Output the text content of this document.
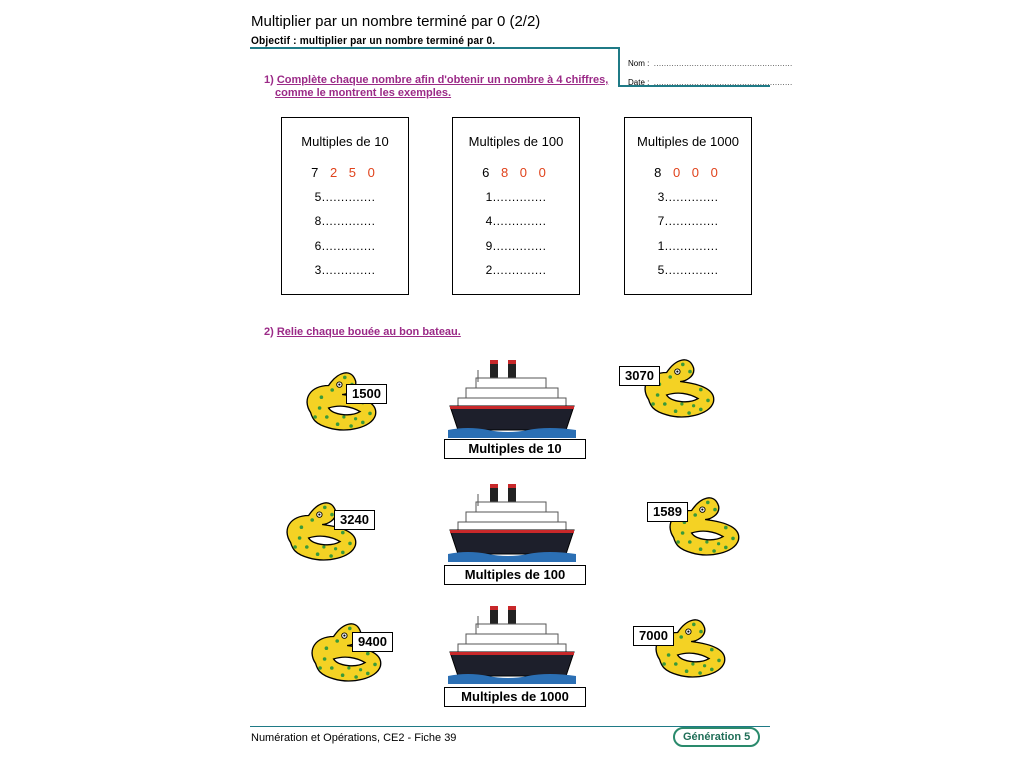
Multiplier par un nombre terminé par 0 (2/2)
Objectif : multiplier par un nombre terminé par 0.
Nom : .......................................................
Date : .......................................................
1) Complète chaque nombre afin d'obtenir un nombre à 4 chiffres,
comme le montrent les exemples.
Multiples de 10
7 2 5 0
5..............
8..............
6..............
3..............
Multiples de 100
6 8 0 0
1..............
4..............
9..............
2..............
Multiples de 1000
8 0 0 0
3..............
7..............
1..............
5..............
2) Relie chaque bouée au bon bateau.
1500
3240
9400
3070
1589
7000
Multiples de 10
Multiples de 100
Multiples de 1000
Numération et Opérations, CE2 - Fiche 39	Génération 5
